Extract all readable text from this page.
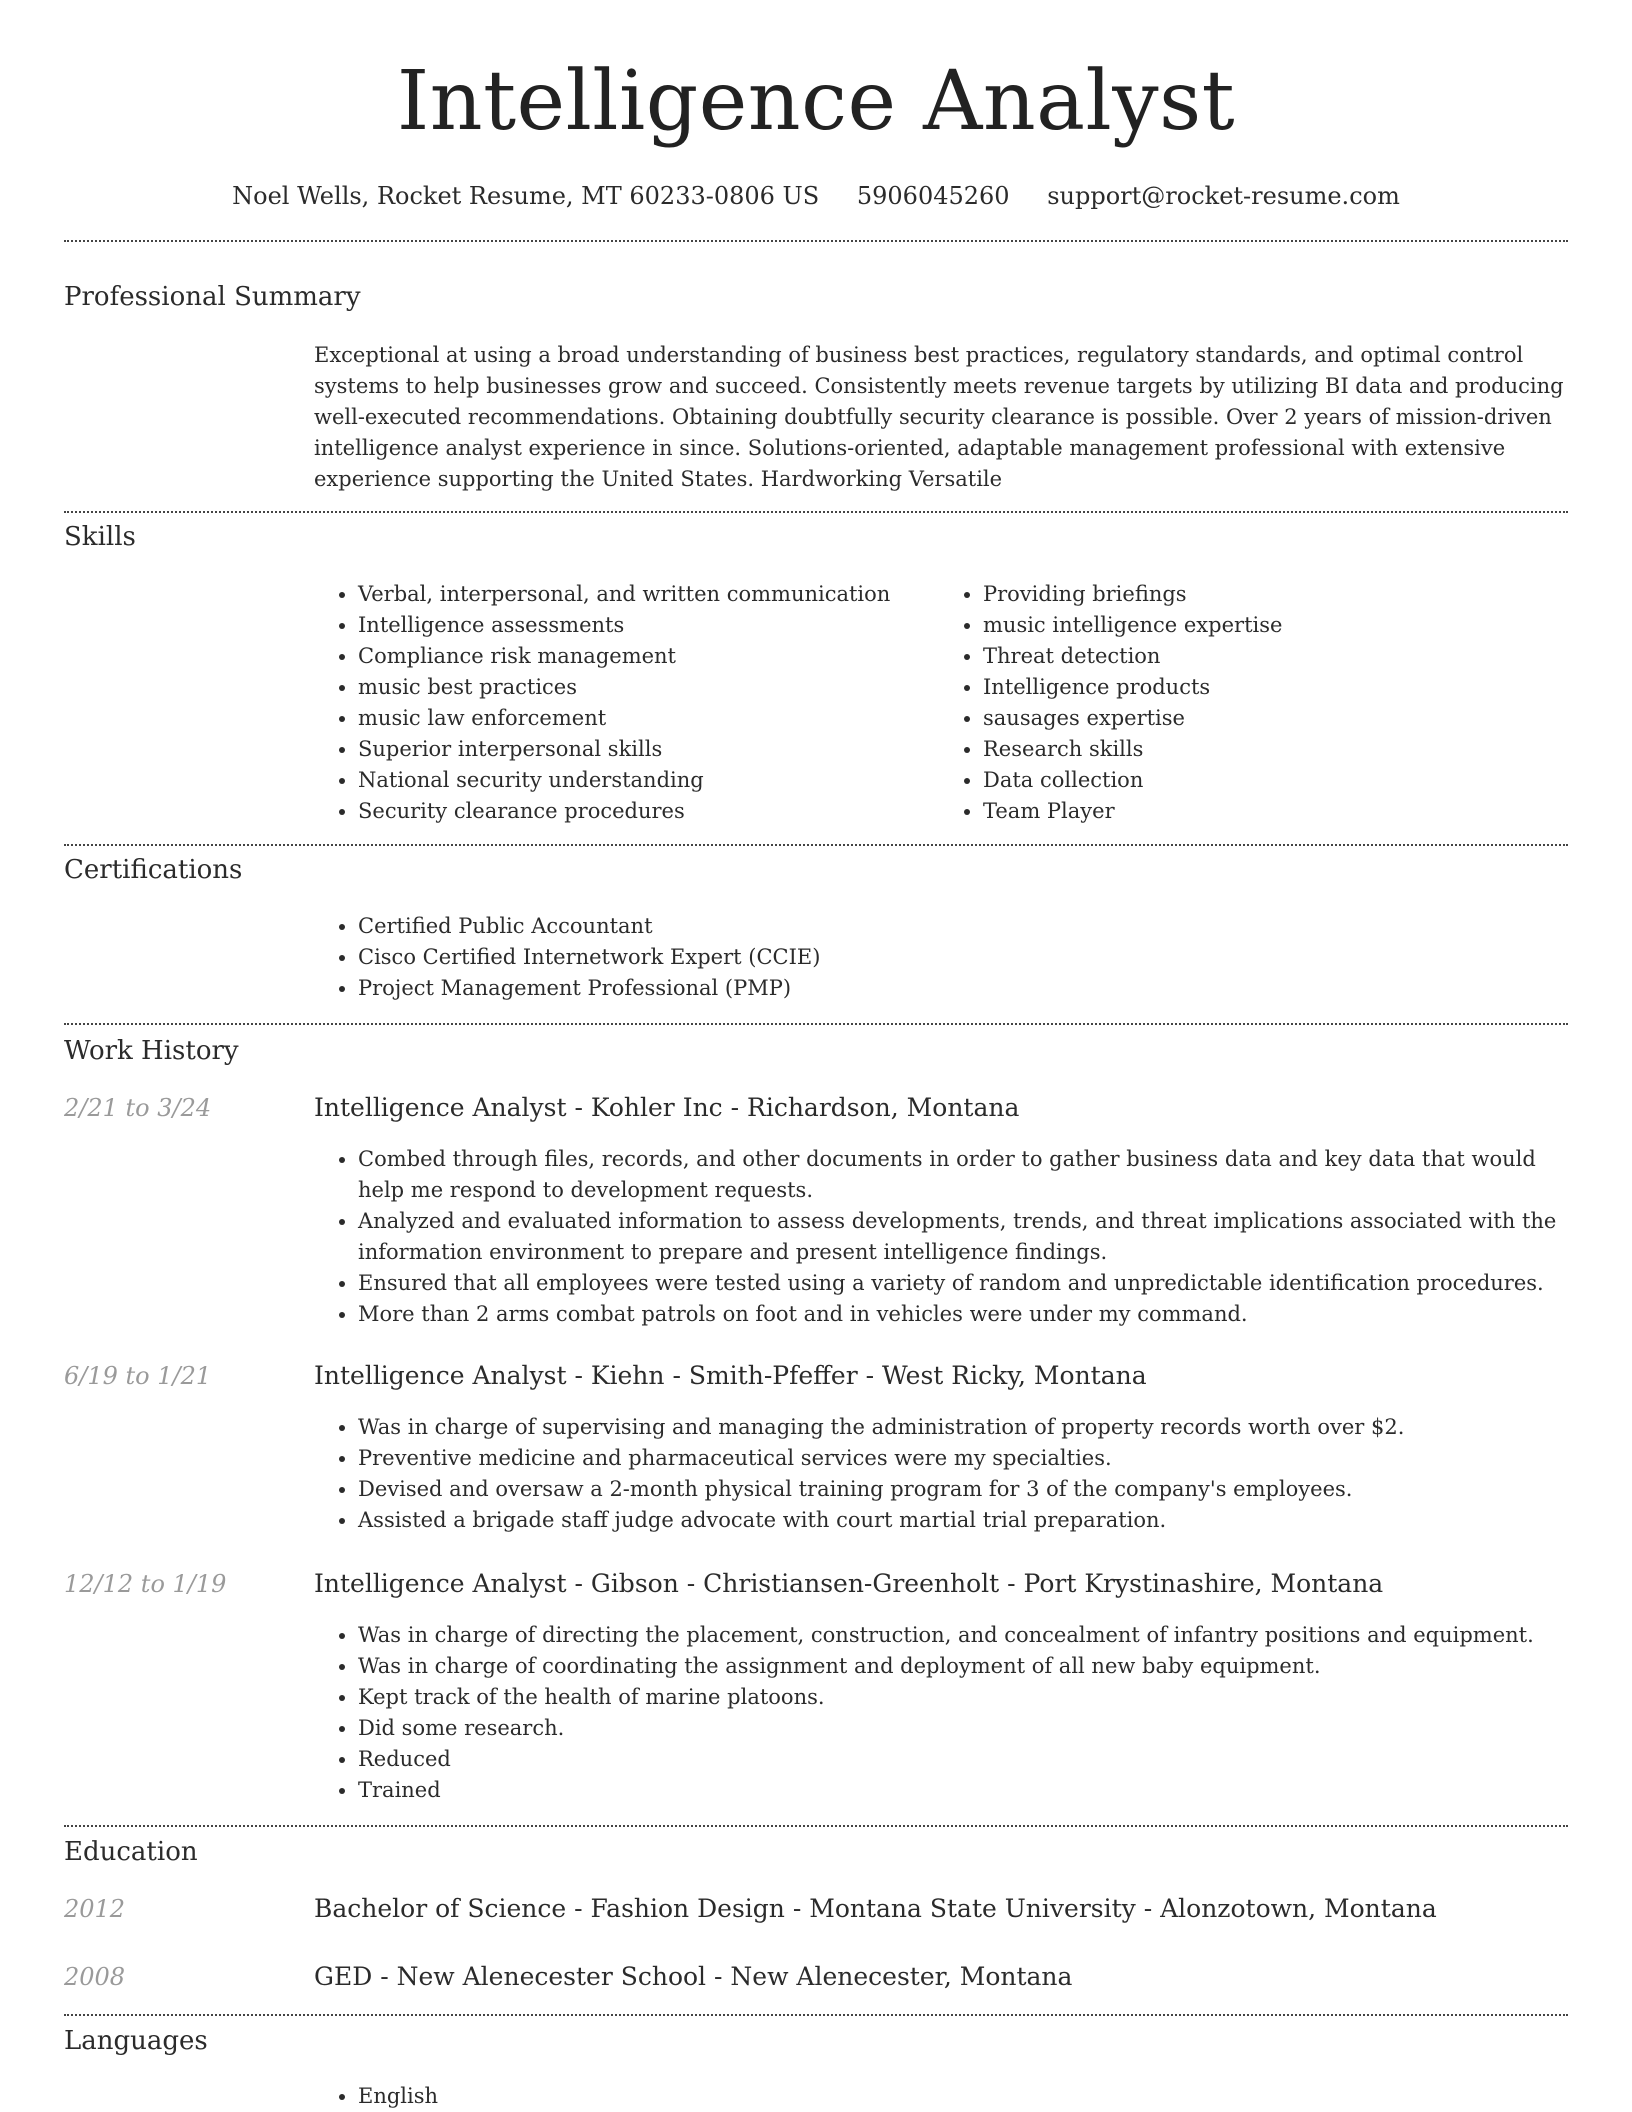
Intelligence Analyst
Noel Wells, Rocket Resume, MT 60233-0806 US 5906045260 support@rocket-resume.com
Professional Summary
Exceptional at using a broad understanding of business best practices, regulatory standards, and optimal control systems to help businesses grow and succeed. Consistently meets revenue targets by utilizing BI data and producing well-executed recommendations. Obtaining doubtfully security clearance is possible. Over 2 years of mission-driven intelligence analyst experience in since. Solutions-oriented, adaptable management professional with extensive experience supporting the United States. Hardworking Versatile
Skills
• Verbal, interpersonal, and written communication
• Intelligence assessments
• Compliance risk management
• music best practices
• music law enforcement
• Superior interpersonal skills
• National security understanding
• Security clearance procedures
• Providing briefings
• music intelligence expertise
• Threat detection
• Intelligence products
• sausages expertise
• Research skills
• Data collection
• Team Player
Certifications
• Certified Public Accountant
• Cisco Certified Internetwork Expert (CCIE)
• Project Management Professional (PMP)
Work History
2/21 to 3/24	Intelligence Analyst - Kohler Inc - Richardson, Montana
• Combed through files, records, and other documents in order to gather business data and key data that would help me respond to development requests.
• Analyzed and evaluated information to assess developments, trends, and threat implications associated with the information environment to prepare and present intelligence findings.
• Ensured that all employees were tested using a variety of random and unpredictable identification procedures.
• More than 2 arms combat patrols on foot and in vehicles were under my command.
6/19 to 1/21	Intelligence Analyst - Kiehn - Smith-Pfeffer - West Ricky, Montana
• Was in charge of supervising and managing the administration of property records worth over $2.
• Preventive medicine and pharmaceutical services were my specialties.
• Devised and oversaw a 2-month physical training program for 3 of the company's employees.
• Assisted a brigade staff judge advocate with court martial trial preparation.
12/12 to 1/19	Intelligence Analyst - Gibson - Christiansen-Greenholt - Port Krystinashire, Montana
• Was in charge of directing the placement, construction, and concealment of infantry positions and equipment.
• Was in charge of coordinating the assignment and deployment of all new baby equipment.
• Kept track of the health of marine platoons.
• Did some research.
• Reduced
• Trained
Education
2012	Bachelor of Science - Fashion Design - Montana State University - Alonzotown, Montana
2008	GED - New Alenecester School - New Alenecester, Montana
Languages
• English
